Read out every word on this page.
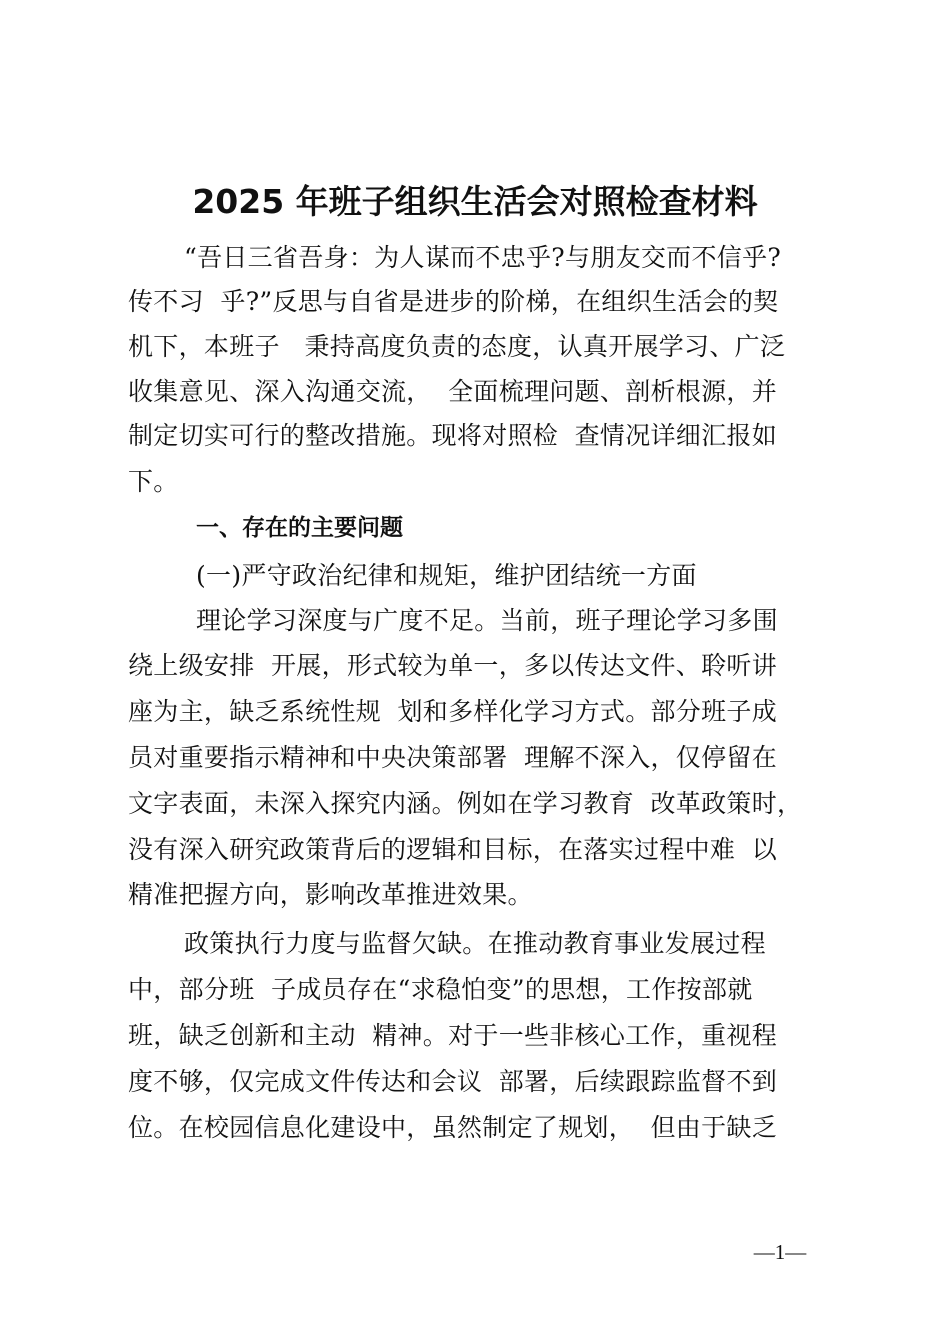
2025 年班子组织生活会对照检查材料
“吾日三省吾身：为人谋而不忠乎?与朋友交而不信乎?
传不习  乎?”反思与自省是进步的阶梯，在组织生活会的契
机下，本班子   秉持高度负责的态度，认真开展学习、广泛
收集意见、深入沟通交流，  全面梳理问题、剖析根源，并
制定切实可行的整改措施。现将对照检  查情况详细汇报如
下。
一、存在的主要问题
(一)严守政治纪律和规矩，维护团结统一方面
理论学习深度与广度不足。当前，班子理论学习多围
绕上级安排  开展，形式较为单一，多以传达文件、聆听讲
座为主，缺乏系统性规  划和多样化学习方式。部分班子成
员对重要指示精神和中央决策部署  理解不深入，仅停留在
文字表面，未深入探究内涵。例如在学习教育  改革政策时，
没有深入研究政策背后的逻辑和目标，在落实过程中难  以
精准把握方向，影响改革推进效果。
政策执行力度与监督欠缺。在推动教育事业发展过程
中，部分班  子成员存在“求稳怕变”的思想，工作按部就
班，缺乏创新和主动  精神。对于一些非核心工作，重视程
度不够，仅完成文件传达和会议  部署，后续跟踪监督不到
位。在校园信息化建设中，虽然制定了规划，  但由于缺乏
—1—
